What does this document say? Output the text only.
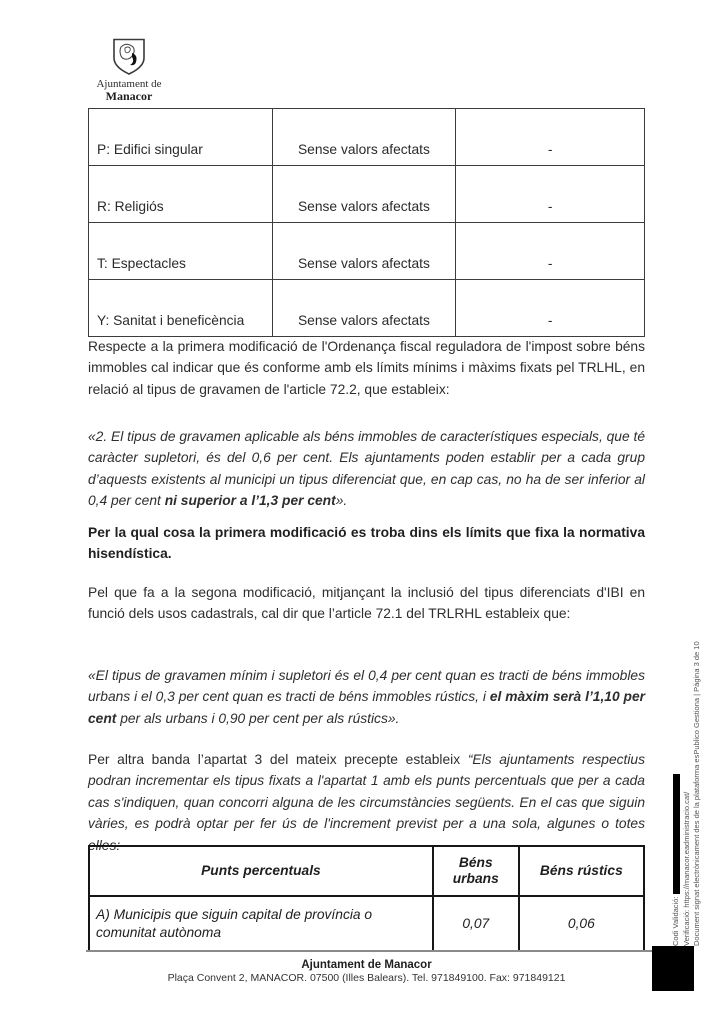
Ajuntament de
Manacor
P: Edifici singular	Sense valors afectats	-
R: Religiós	Sense valors afectats	-
T: Espectacles	Sense valors afectats	-
Y: Sanitat i beneficència	Sense valors afectats	-

Respecte a la primera modificació de l'Ordenança fiscal reguladora de l'impost sobre béns immobles cal indicar que és conforme amb els límits mínims i màxims fixats pel TRLHL, en relació al tipus de gravamen de l'article 72.2, que estableix:

«2. El tipus de gravamen aplicable als béns immobles de característiques especials, que té caràcter supletori, és del 0,6 per cent. Els ajuntaments poden establir per a cada grup d’aquests existents al municipi un tipus diferenciat que, en cap cas, no ha de ser inferior al 0,4 per cent ni superior a l’1,3 per cent».

Per la qual cosa la primera modificació es troba dins els límits que fixa la normativa hisendística.

Pel que fa a la segona modificació, mitjançant la inclusió del tipus diferenciats d'IBI en funció dels usos cadastrals, cal dir que l’article 72.1 del TRLRHL estableix que:

«El tipus de gravamen mínim i supletori és el 0,4 per cent quan es tracti de béns immobles urbans i el 0,3 per cent quan es tracti de béns immobles rústics, i el màxim serà l’1,10 per cent per als urbans i 0,90 per cent per als rústics».

Per altra banda l’apartat 3 del mateix precepte estableix “Els ajuntaments respectius podran incrementar els tipus fixats a l'apartat 1 amb els punts percentuals que per a cada cas s'indiquen, quan concorri alguna de les circumstàncies següents. En el cas que siguin vàries, es podrà optar per fer ús de l'increment previst per a una sola, algunes o totes elles:

Punts percentuals	Béns urbans	Béns rústics
A) Municipis que siguin capital de província o comunitat autònoma	0,07	0,06
Ajuntament de Manacor
Plaça Convent 2, MANACOR. 07500 (Illes Balears). Tel. 971849100. Fax: 971849121
Codi Validació: Verificació: https://manacor.eadministracio.cat/ Document signat electrònicament des de la plataforma esPublico Gestiona | Pàgina 3 de 10
